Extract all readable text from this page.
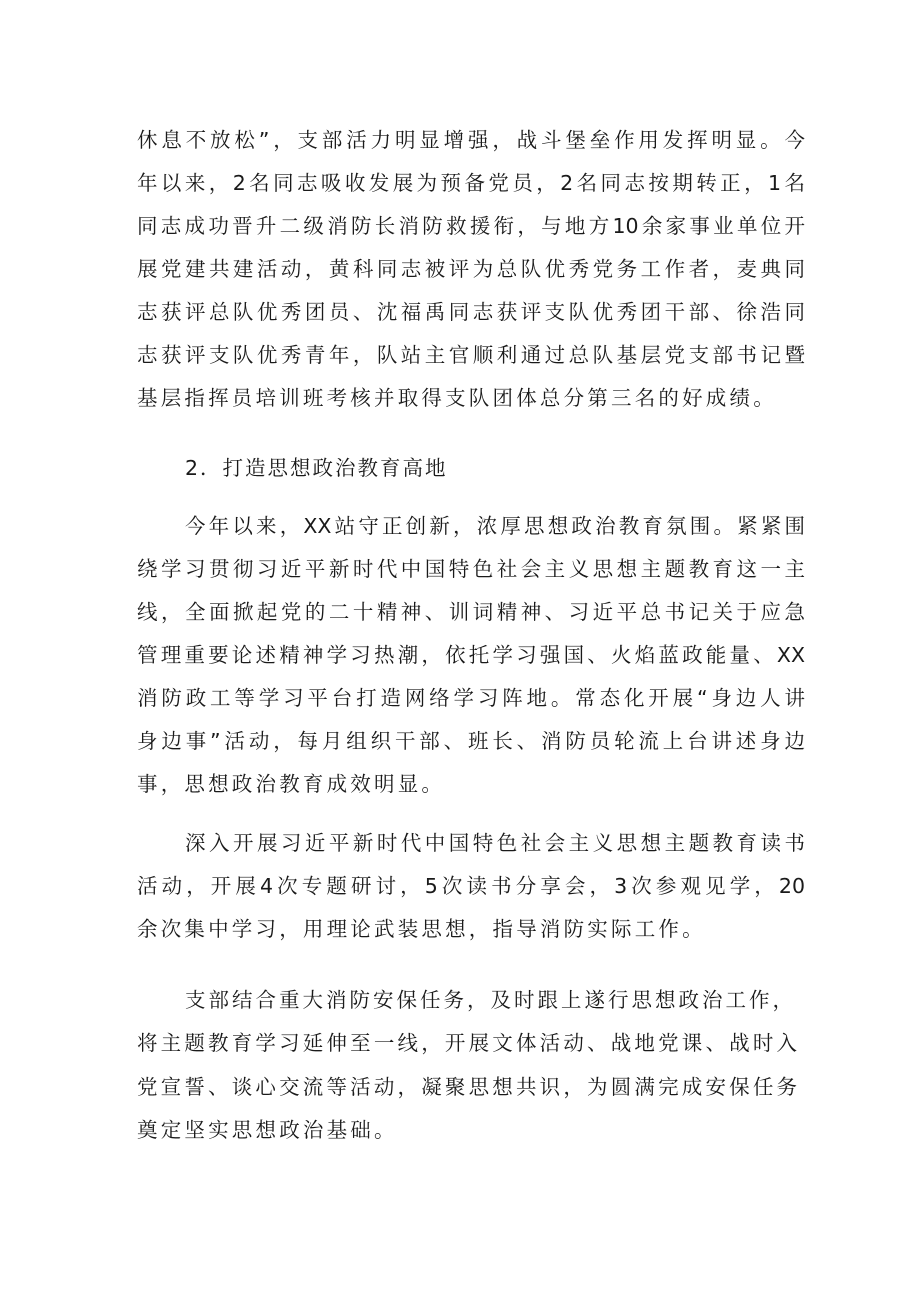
休息不放松”，支部活力明显增强，战斗堡垒作用发挥明显。今
年以来，2名同志吸收发展为预备党员，2名同志按期转正，1名
同志成功晋升二级消防长消防救援衔，与地方10余家事业单位开
展党建共建活动，黄科同志被评为总队优秀党务工作者，麦典同
志获评总队优秀团员、沈福禹同志获评支队优秀团干部、徐浩同
志获评支队优秀青年，队站主官顺利通过总队基层党支部书记暨
基层指挥员培训班考核并取得支队团体总分第三名的好成绩。
2．打造思想政治教育高地
今年以来，XX站守正创新，浓厚思想政治教育氛围。紧紧围
绕学习贯彻习近平新时代中国特色社会主义思想主题教育这一主
线，全面掀起党的二十精神、训词精神、习近平总书记关于应急
管理重要论述精神学习热潮，依托学习强国、火焰蓝政能量、XX
消防政工等学习平台打造网络学习阵地。常态化开展“身边人讲
身边事”活动，每月组织干部、班长、消防员轮流上台讲述身边
事，思想政治教育成效明显。
深入开展习近平新时代中国特色社会主义思想主题教育读书
活动，开展4次专题研讨，5次读书分享会，3次参观见学，20
余次集中学习，用理论武装思想，指导消防实际工作。
支部结合重大消防安保任务，及时跟上遂行思想政治工作，
将主题教育学习延伸至一线，开展文体活动、战地党课、战时入
党宣誓、谈心交流等活动，凝聚思想共识，为圆满完成安保任务
奠定坚实思想政治基础。
